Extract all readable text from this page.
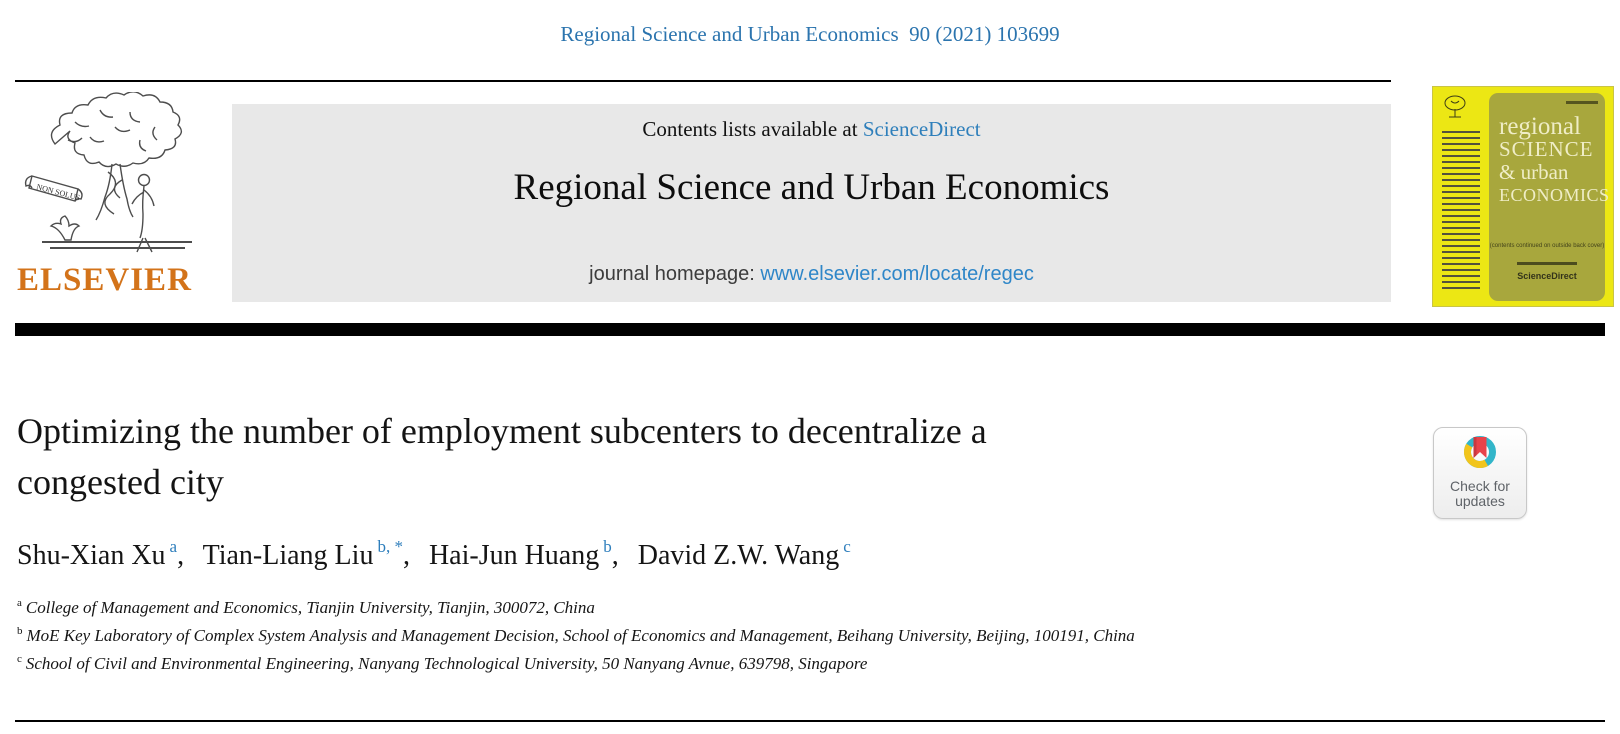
Regional Science and Urban Economics  90 (2021) 103699
NON SOLUS
ELSEVIER
Contents lists available at ScienceDirect
Regional Science and Urban Economics
journal homepage: www.elsevier.com/locate/regec
regional
SCIENCE
& urban
ECONOMICS
(contents continued on outside back cover)
ScienceDirect
Optimizing the number of employment subcenters to decentralize a
congested city	Check for
updates
Shu-Xian Xu $^a$, Tian-Liang Liu $^{b, *}$, Hai-Jun Huang $^b$, David Z.W. Wang $^c$
$^a$ College of Management and Economics, Tianjin University, Tianjin, 300072, China
$^b$ MoE Key Laboratory of Complex System Analysis and Management Decision, School of Economics and Management, Beihang University, Beijing, 100191, China
$^c$ School of Civil and Environmental Engineering, Nanyang Technological University, 50 Nanyang Avnue, 639798, Singapore
